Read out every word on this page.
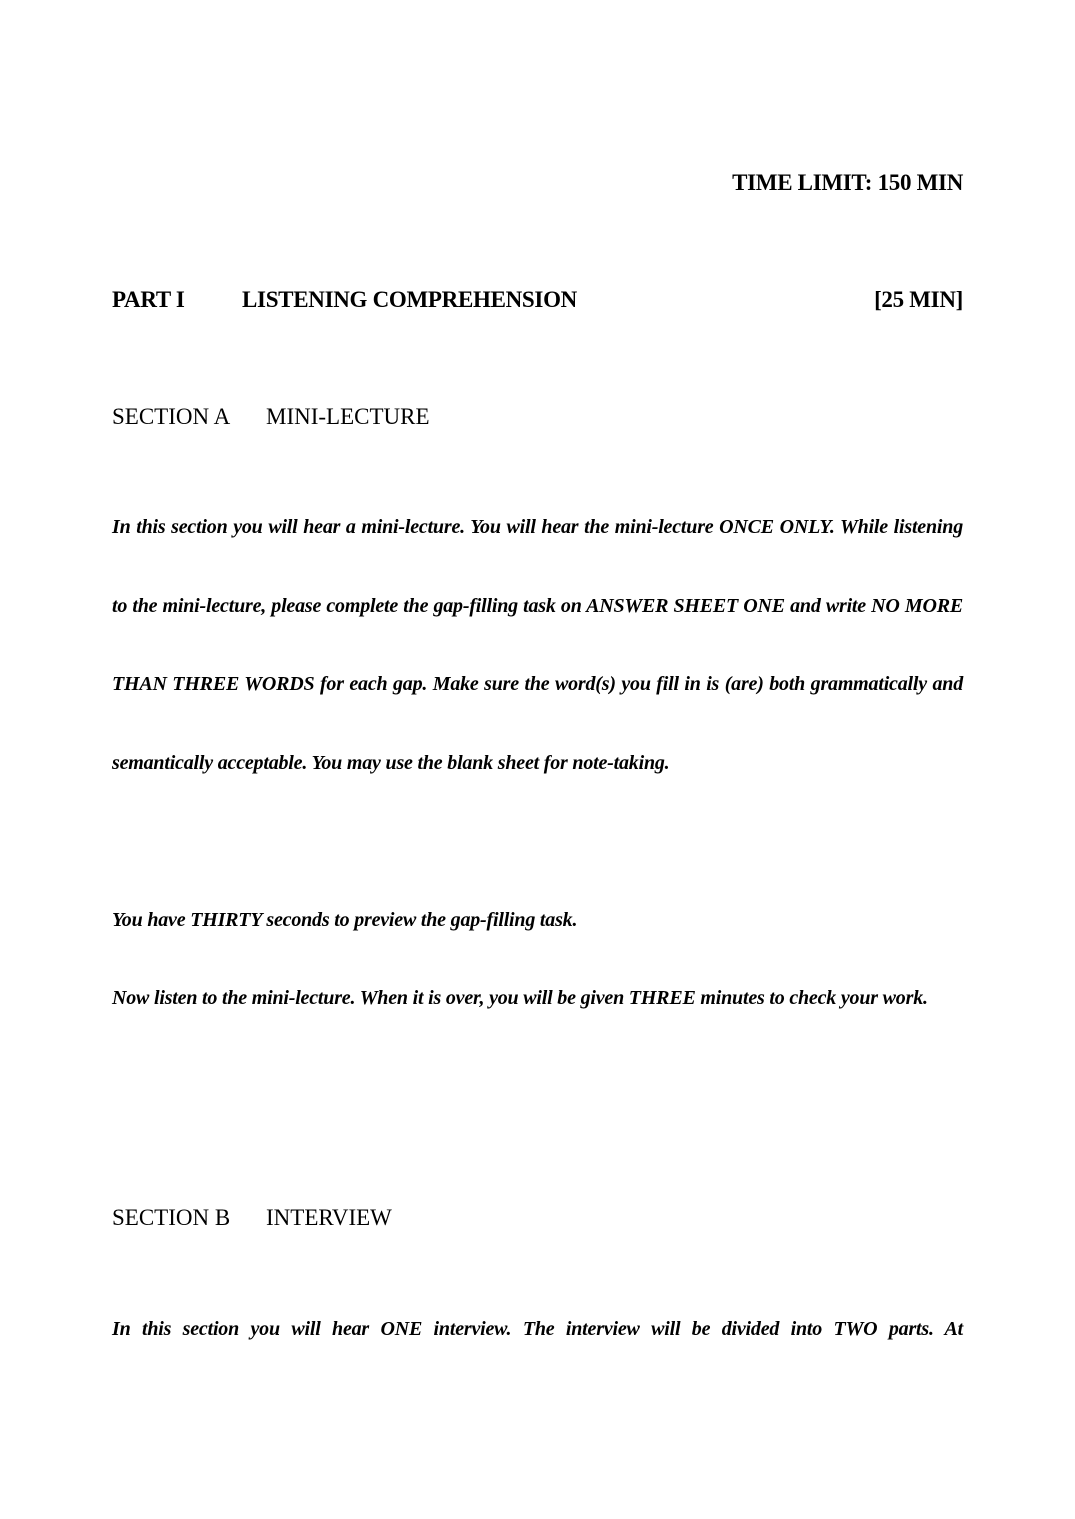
TIME LIMIT: 150 MIN
PART I LISTENING COMPREHENSION	[25 MIN]
SECTION A MINI-LECTURE
In this section you will hear a mini-lecture. You will hear the mini-lecture ONCE ONLY. While listening to the mini-lecture, please complete the gap-filling task on ANSWER SHEET ONE and write NO MORE THAN THREE WORDS for each gap. Make sure the word(s) you fill in is (are) both grammatically and semantically acceptable. You may use the blank sheet for note-taking.
You have THIRTY seconds to preview the gap-filling task.
Now listen to the mini-lecture. When it is over, you will be given THREE minutes to check your work.
SECTION B INTERVIEW
In this section you will hear ONE interview. The interview will be divided into TWO parts. At
